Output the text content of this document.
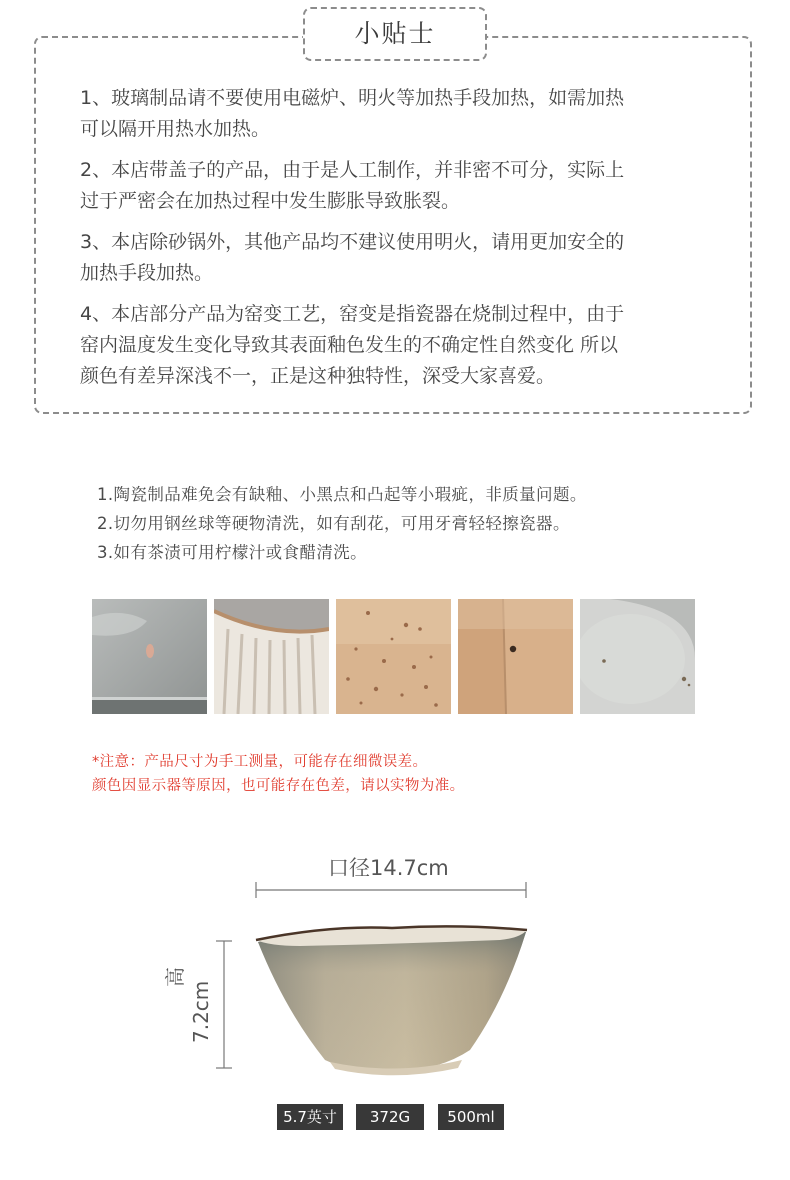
小贴士
1、玻璃制品请不要使用电磁炉、明火等加热手段加热，如需加热
可以隔开用热水加热。
2、本店带盖子的产品，由于是人工制作，并非密不可分，实际上
过于严密会在加热过程中发生膨胀导致胀裂。
3、本店除砂锅外，其他产品均不建议使用明火，请用更加安全的
加热手段加热。
4、本店部分产品为窑变工艺，窑变是指瓷器在烧制过程中，由于
窑内温度发生变化导致其表面釉色发生的不确定性自然变化 所以
颜色有差异深浅不一，正是这种独特性，深受大家喜爱。
1.陶瓷制品难免会有缺釉、小黑点和凸起等小瑕疵，非质量问题。
2.切勿用钢丝球等硬物清洗，如有刮花，可用牙膏轻轻擦瓷器。
3.如有茶渍可用柠檬汁或食醋清洗。
*注意：产品尺寸为手工测量，可能存在细微误差。
颜色因显示器等原因，也可能存在色差，请以实物为准。
口径14.7cm
高
7.2cm
5.7英寸	372G	500ml
